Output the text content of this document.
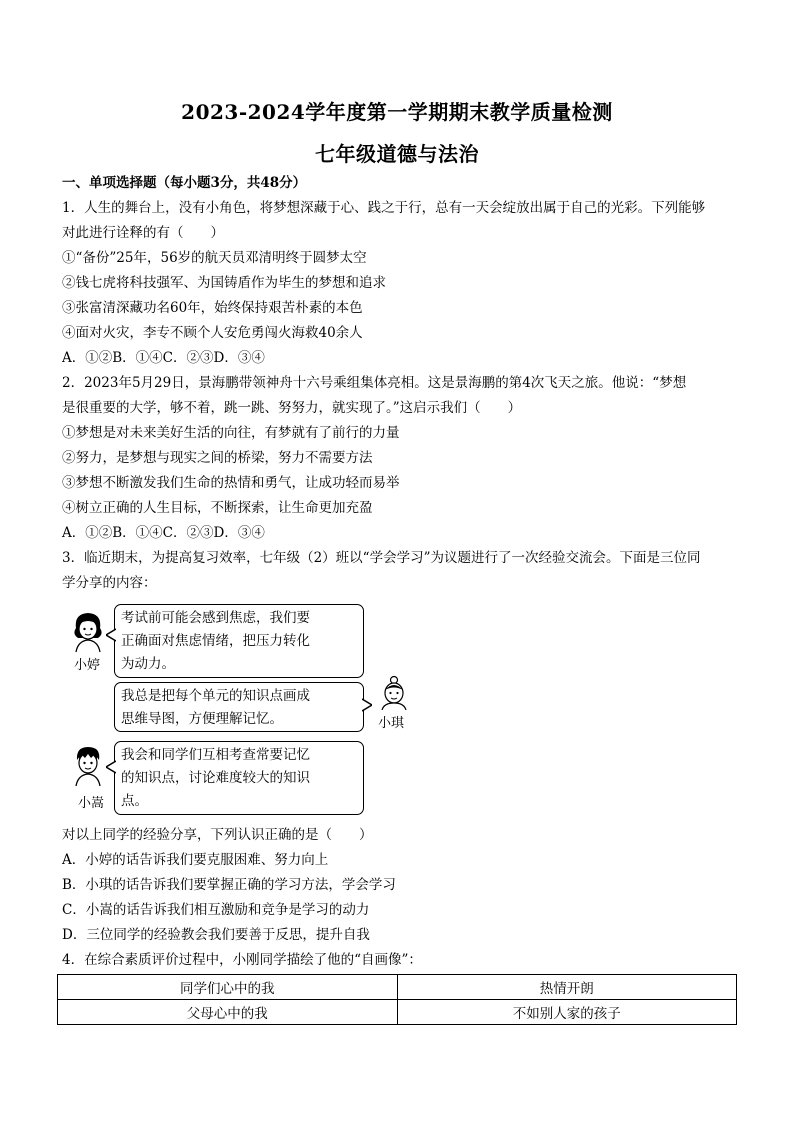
2023-2024学年度第一学期期末教学质量检测
七年级道德与法治
一、单项选择题（每小题3分，共48分）
1．人生的舞台上，没有小角色，将梦想深藏于心、践之于行，总有一天会绽放出属于自己的光彩。下列能够
对此进行诠释的有（　　）
①“备份”25年，56岁的航天员邓清明终于圆梦太空
②钱七虎将科技强军、为国铸盾作为毕生的梦想和追求
③张富清深藏功名60年，始终保持艰苦朴素的本色
④面对火灾，李专不顾个人安危勇闯火海救40余人
A．①②B．①④C．②③D．③④
2．2023年5月29日，景海鹏带领神舟十六号乘组集体亮相。这是景海鹏的第4次飞天之旅。他说：“梦想
是很重要的大学，够不着，跳一跳、努努力，就实现了。”这启示我们（　　）
①梦想是对未来美好生活的向往，有梦就有了前行的力量
②努力，是梦想与现实之间的桥梁，努力不需要方法
③梦想不断激发我们生命的热情和勇气，让成功轻而易举
④树立正确的人生目标，不断探索，让生命更加充盈
A．①②B．①④C．②③D．③④
3．临近期末，为提高复习效率，七年级（2）班以“学会学习”为议题进行了一次经验交流会。下面是三位同
学分享的内容：
小婷
考试前可能会感到焦虑，我们要
正确面对焦虑情绪，把压力转化
为动力。
我总是把每个单元的知识点画成
思维导图，方便理解记忆。
我会和同学们互相考查常要记忆
的知识点，讨论难度较大的知识
点。
小嵩
小琪
对以上同学的经验分享，下列认识正确的是（　　）
A．小婷的话告诉我们要克服困难、努力向上
B．小琪的话告诉我们要掌握正确的学习方法，学会学习
C．小嵩的话告诉我们相互激励和竞争是学习的动力
D．三位同学的经验教会我们要善于反思，提升自我
4．在综合素质评价过程中，小刚同学描绘了他的“自画像”：
同学们心中的我	热情开朗
父母心中的我	不如别人家的孩子
